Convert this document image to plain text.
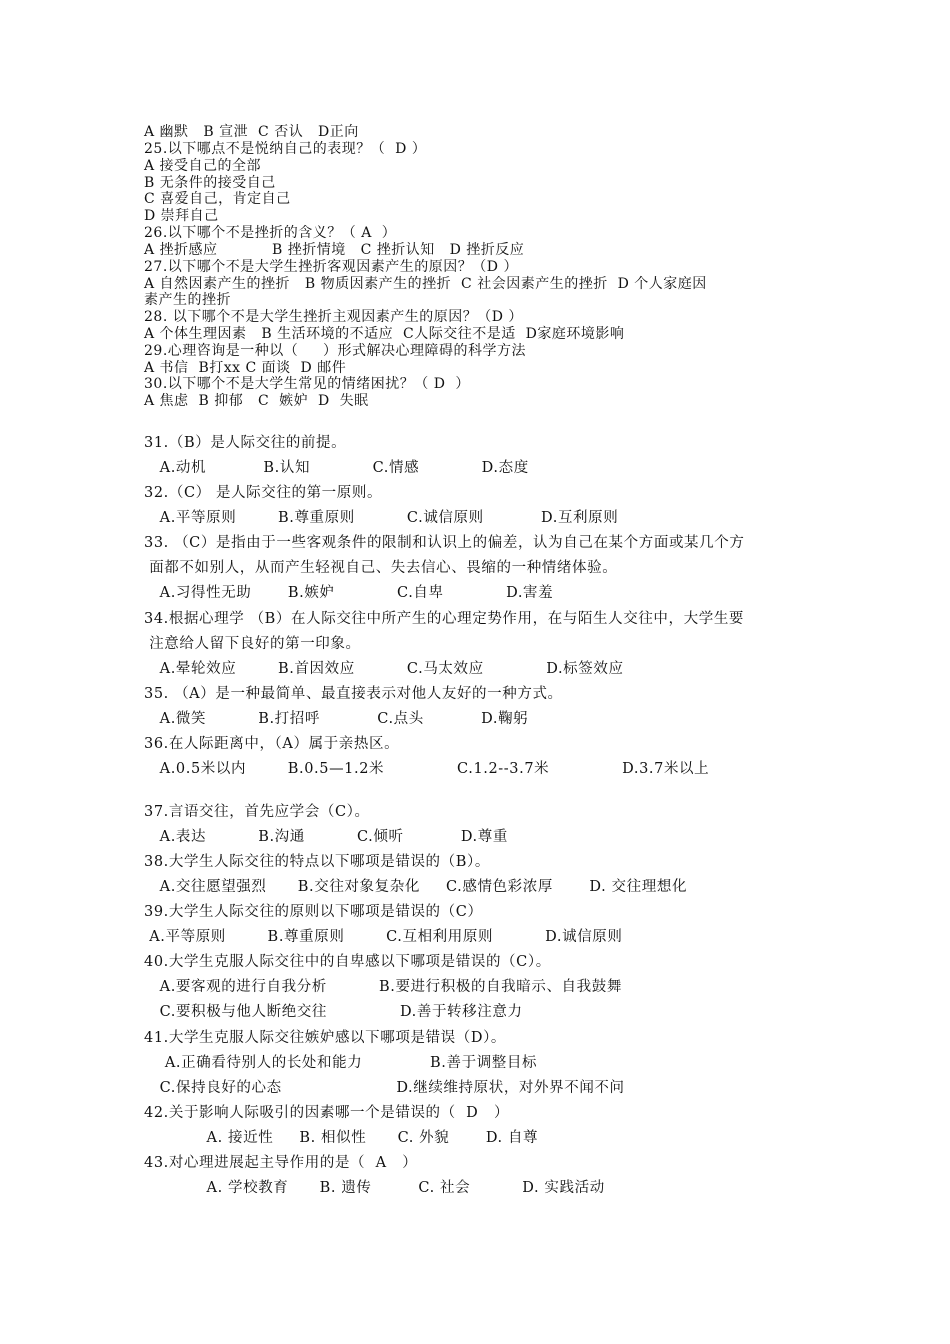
A 幽默   B 宣泄  C 否认   D正向
25.以下哪点不是悦纳自己的表现？（  D ）
A 接受自己的全部
B 无条件的接受自己
C 喜爱自己，肯定自己
D 崇拜自己
26.以下哪个不是挫折的含义？（ A  ）
A 挫折感应           B 挫折情境   C 挫折认知   D 挫折反应
27.以下哪个不是大学生挫折客观因素产生的原因？（D ）
A 自然因素产生的挫折   B 物质因素产生的挫折  C 社会因素产生的挫折  D 个人家庭因
素产生的挫折
28. 以下哪个不是大学生挫折主观因素产生的原因？（D ）
A 个体生理因素   B 生活环境的不适应  C人际交往不是适  D家庭环境影响
29.心理咨询是一种以（     ）形式解决心理障碍的科学方法
A 书信  B打xx C 面谈  D 邮件
30.以下哪个不是大学生常见的情绪困扰？（ D  ）
A 焦虑  B 抑郁   C  嫉妒  D  失眠
31.（B）是人际交往的前提。
A.动机           B.认知            C.情感            D.态度
32.（C） 是人际交往的第一原则。
A.平等原则        B.尊重原则          C.诚信原则           D.互利原则
33. （C）是指由于一些客观条件的限制和认识上的偏差，认为自己在某个方面或某几个方
面都不如别人，从而产生轻视自己、失去信心、畏缩的一种情绪体验。
A.习得性无助       B.嫉妒            C.自卑            D.害羞
34.根据心理学 （B）在人际交往中所产生的心理定势作用，在与陌生人交往中，大学生要
注意给人留下良好的第一印象。
A.晕轮效应        B.首因效应          C.马太效应            D.标签效应
35. （A）是一种最简单、最直接表示对他人友好的一种方式。
A.微笑          B.打招呼           C.点头           D.鞠躬
36.在人际距离中，（A）属于亲热区。
A.0.5米以内        B.0.5—1.2米              C.1.2--3.7米              D.3.7米以上
37.言语交往，首先应学会（C）。
A.表达          B.沟通          C.倾听           D.尊重
38.大学生人际交往的特点以下哪项是错误的（B）。
A.交往愿望强烈      B.交往对象复杂化     C.感情色彩浓厚       D. 交往理想化
39.大学生人际交往的原则以下哪项是错误的（C）
A.平等原则        B.尊重原则        C.互相利用原则          D.诚信原则
40.大学生克服人际交往中的自卑感以下哪项是错误的（C）。
A.要客观的进行自我分析          B.要进行积极的自我暗示、自我鼓舞
C.要积极与他人断绝交往              D.善于转移注意力
41.大学生克服人际交往嫉妒感以下哪项是错误（D）。
A.正确看待别人的长处和能力             B.善于调整目标
C.保持良好的心态                      D.继续维持原状，对外界不闻不问
42.关于影响人际吸引的因素哪一个是错误的（  D   ）
A. 接近性     B. 相似性      C. 外貌       D. 自尊
43.对心理进展起主导作用的是（  A   ）
A. 学校教育      B. 遗传         C. 社会          D. 实践活动
